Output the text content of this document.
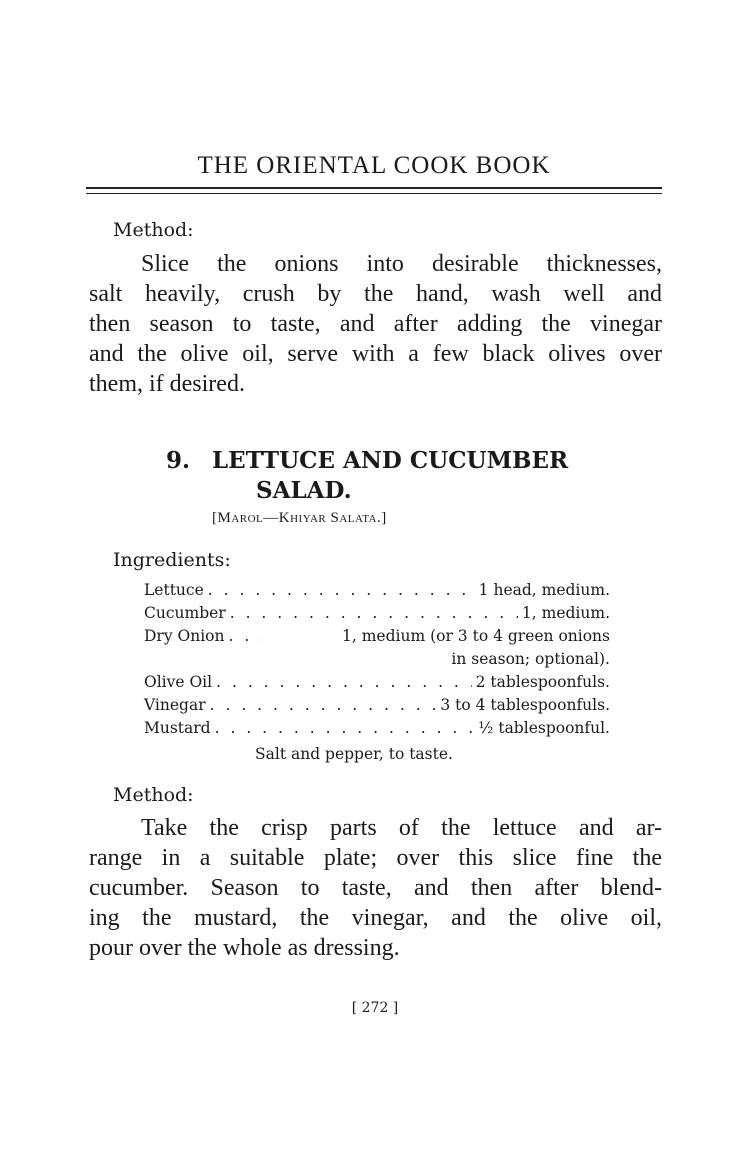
THE ORIENTAL COOK BOOK
Method:
Slice the onions into desirable thicknesses,
salt heavily, crush by the hand, wash well and
then season to taste, and after adding the vinegar
and the olive oil, serve with a few black olives over
them, if desired.
9. LETTUCE AND CUCUMBER
SALAD.
[Marol—Khiyar Salata.]
Ingredients:
Lettuce . . .	1 head, medium.
Cucumber . . .	1, medium.
Dry Onion . . .	1, medium (or 3 to 4 green onions
in season; optional).
Olive Oil . . .	2 tablespoonfuls.
Vinegar . . .	3 to 4 tablespoonfuls.
Mustard . . .	½ tablespoonful.
Salt and pepper, to taste.
Method:
Take the crisp parts of the lettuce and ar-
range in a suitable plate; over this slice fine the
cucumber. Season to taste, and then after blend-
ing the mustard, the vinegar, and the olive oil,
pour over the whole as dressing.
[ 272 ]
